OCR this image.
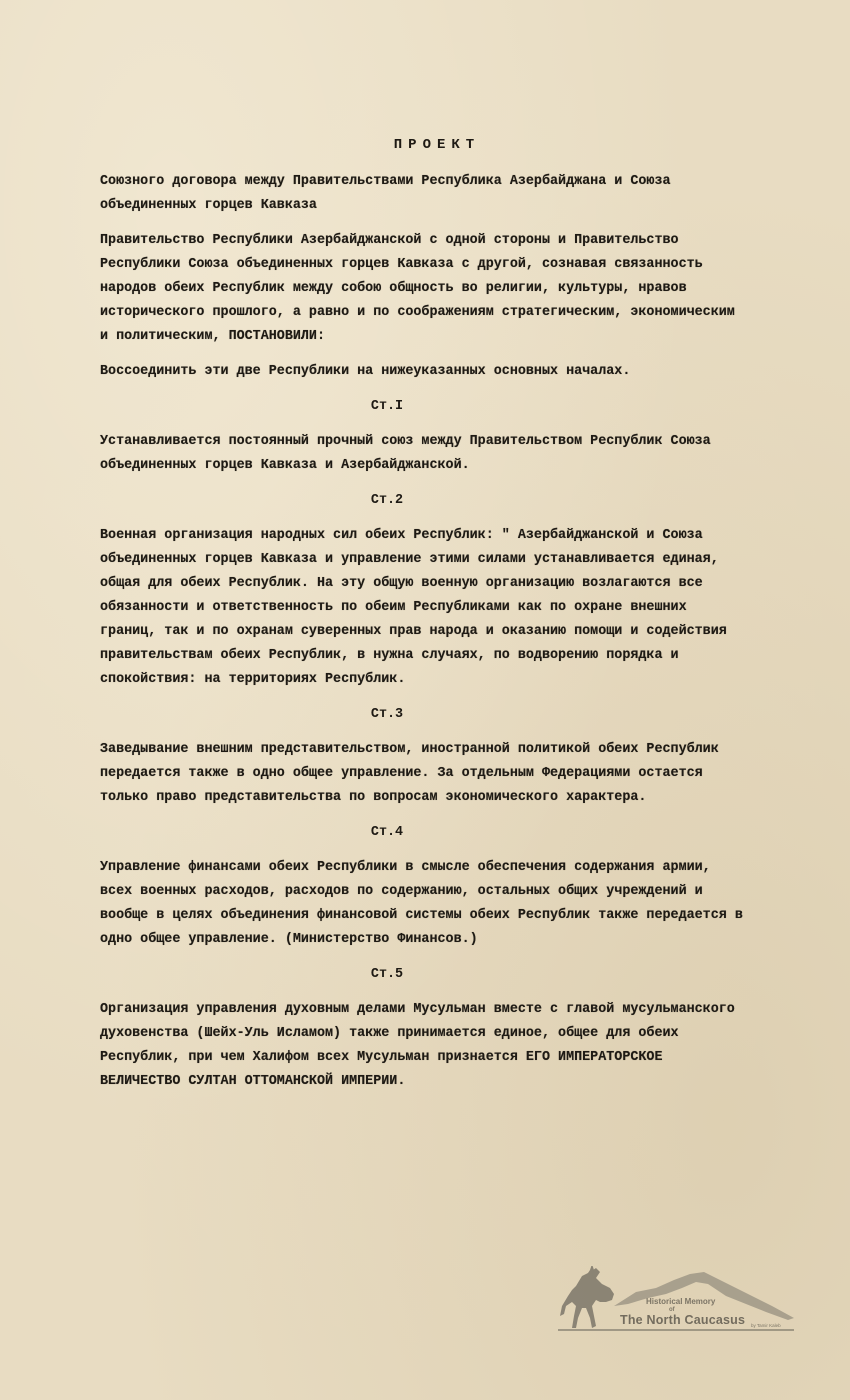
ПРОЕКТ
Союзного договора между Правительствами Республика Азербайджана и Союза
объединенных горцев Кавказа
Правительство Республики Азербайджанской с одной стороны и Правительство
Республики Союза объединенных горцев Кавказа с другой, сознавая связанность
народов обеих Республик между собою общность во религии, культуры, нравов
исторического прошлого, а равно и по соображениям стратегическим, экономическим
и политическим, ПОСТАНОВИЛИ:
Воссоединить эти две Республики на нижеуказанных основных началах.
Ст.I
Устанавливается постоянный прочный союз между Правительством Республик Союза
объединенных горцев Кавказа и Азербайджанской.
Ст.2
Военная организация народных сил обеих Республик: " Азербайджанской и Союза
объединенных горцев Кавказа и управление этими силами устанавливается единая,
общая для обеих Республик. На эту общую военную организацию возлагаются все
обязанности и ответственность по обеим Республиками как по охране внешних
границ, так и по охранам суверенных прав народа и оказанию помощи и содействия
правительствам обеих Республик, в нужна случаях, по водворению порядка и
спокойствия: на территориях Республик.
Ст.3
Заведывание внешним представительством, иностранной политикой обеих Республик
передается также в одно общее управление. За отдельным Федерациями остается
только право представительства по вопросам экономического характера.
Ст.4
Управление финансами обеих Республики в смысле обеспечения содержания армии,
всех военных расходов, расходов по содержанию, остальных общих учреждений и
вообще в целях объединения финансовой системы обеих Республик также передается в
одно общее управление. (Министерство Финансов.)
Ст.5
Организация управления духовным делами Мусульман вместе с главой мусульманского
духовенства (Шейх-Уль Исламом) также принимается единое, общее для обеих
Республик, при чем Халифом всех Мусульман признается ЕГО ИМПЕРАТОРСКОЕ
ВЕЛИЧЕСТВО СУЛТАН ОТТОМАНСКОЙ ИМПЕРИИ.
Historical Memory
of
The North Caucasus by Tamir Kaleb
